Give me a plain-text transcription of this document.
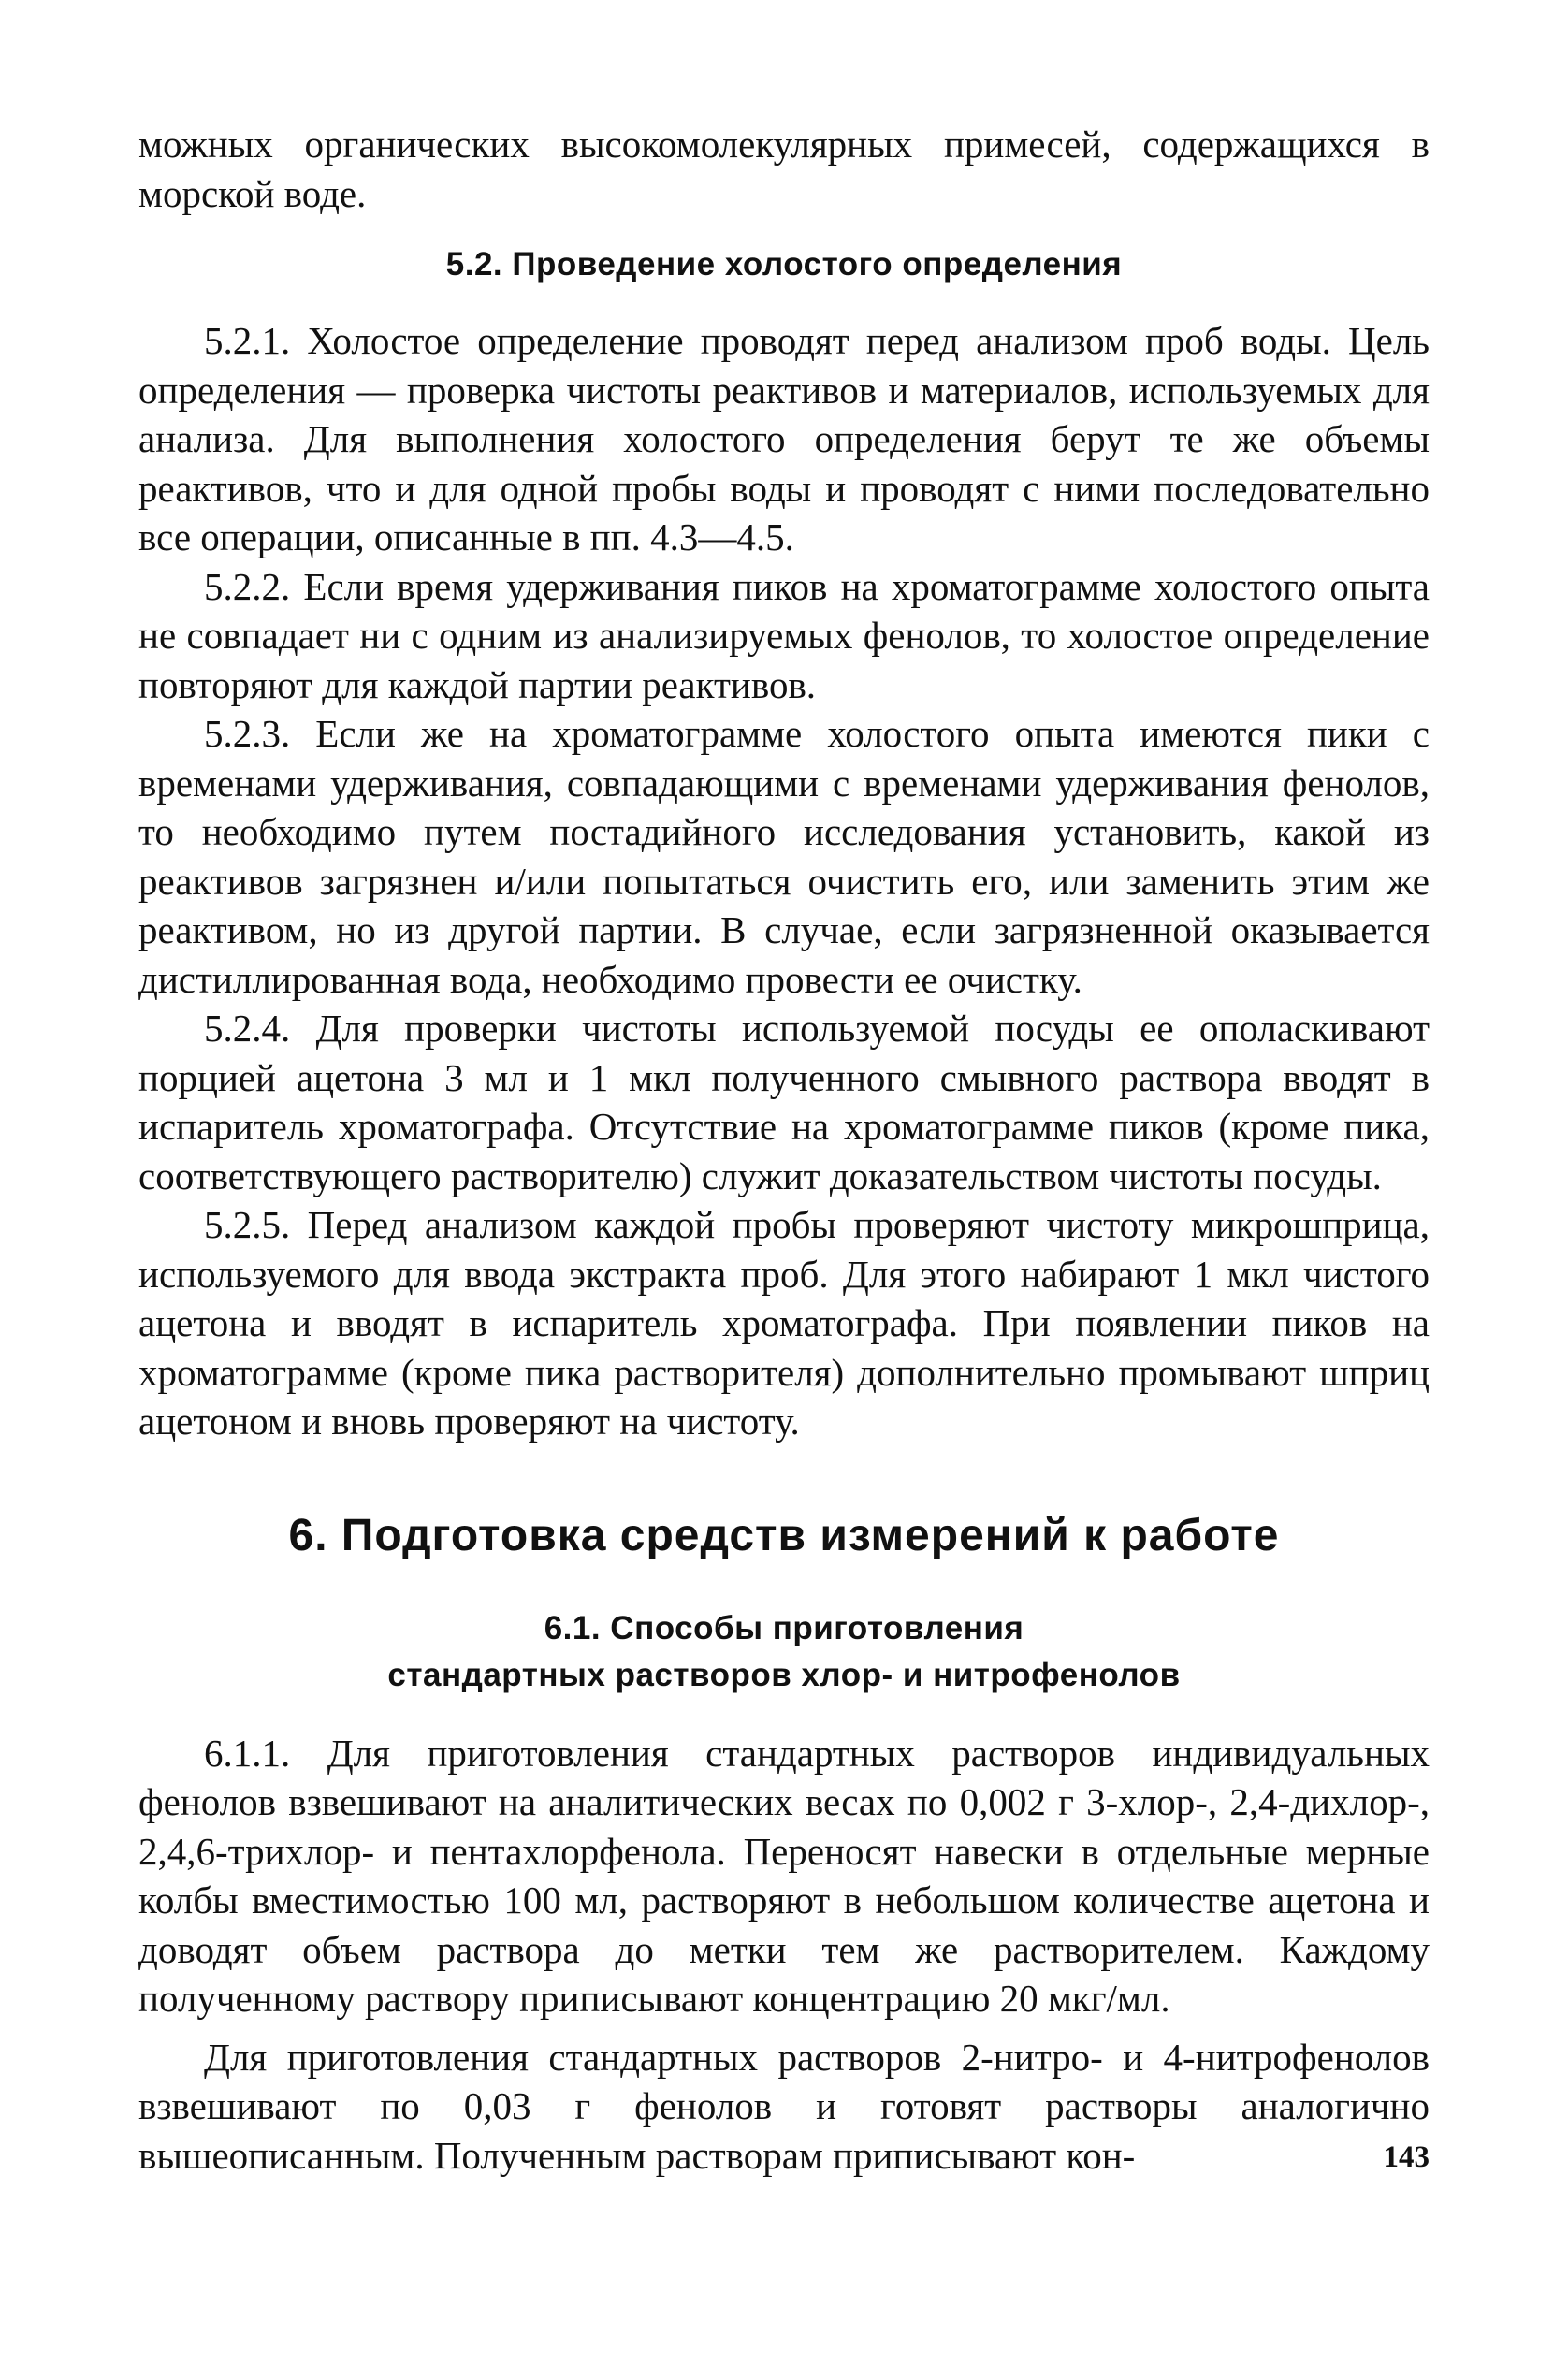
можных органических высокомолекулярных примесей, содержащихся в морской воде.

5.2. Проведение холостого определения

5.2.1. Холостое определение проводят перед анализом проб воды. Цель определения — проверка чистоты реактивов и материалов, используемых для анализа. Для выполнения холостого определения берут те же объемы реактивов, что и для одной пробы воды и проводят с ними последовательно все операции, описанные в пп. 4.3—4.5.

5.2.2. Если время удерживания пиков на хроматограмме холостого опыта не совпадает ни с одним из анализируемых фенолов, то холостое определение повторяют для каждой партии реактивов.

5.2.3. Если же на хроматограмме холостого опыта имеются пики с временами удерживания, совпадающими с временами удерживания фенолов, то необходимо путем постадийного исследования установить, какой из реактивов загрязнен и/или попытаться очистить его, или заменить этим же реактивом, но из другой партии. В случае, если загрязненной оказывается дистиллированная вода, необходимо провести ее очистку.

5.2.4. Для проверки чистоты используемой посуды ее ополаскивают порцией ацетона 3 мл и 1 мкл полученного смывного раствора вводят в испаритель хроматографа. Отсутствие на хроматограмме пиков (кроме пика, соответствующего растворителю) служит доказательством чистоты посуды.

5.2.5. Перед анализом каждой пробы проверяют чистоту микрошприца, используемого для ввода экстракта проб. Для этого набирают 1 мкл чистого ацетона и вводят в испаритель хроматографа. При появлении пиков на хроматограмме (кроме пика растворителя) дополнительно промывают шприц ацетоном и вновь проверяют на чистоту.

6. Подготовка средств измерений к работе
6.1. Способы приготовления
стандартных растворов хлор- и нитрофенолов

6.1.1. Для приготовления стандартных растворов индивидуальных фенолов взвешивают на аналитических весах по 0,002 г 3-хлор-, 2,4-дихлор-, 2,4,6-трихлор- и пентахлорфенола. Переносят навески в отдельные мерные колбы вместимостью 100 мл, растворяют в небольшом количестве ацетона и доводят объем раствора до метки тем же растворителем. Каждому полученному раствору приписывают концентрацию 20 мкг/мл.

Для приготовления стандартных растворов 2-нитро- и 4-нитрофенолов взвешивают по 0,03 г фенолов и готовят растворы аналогично вышеописанным. Полученным растворам приписывают кон-	143
